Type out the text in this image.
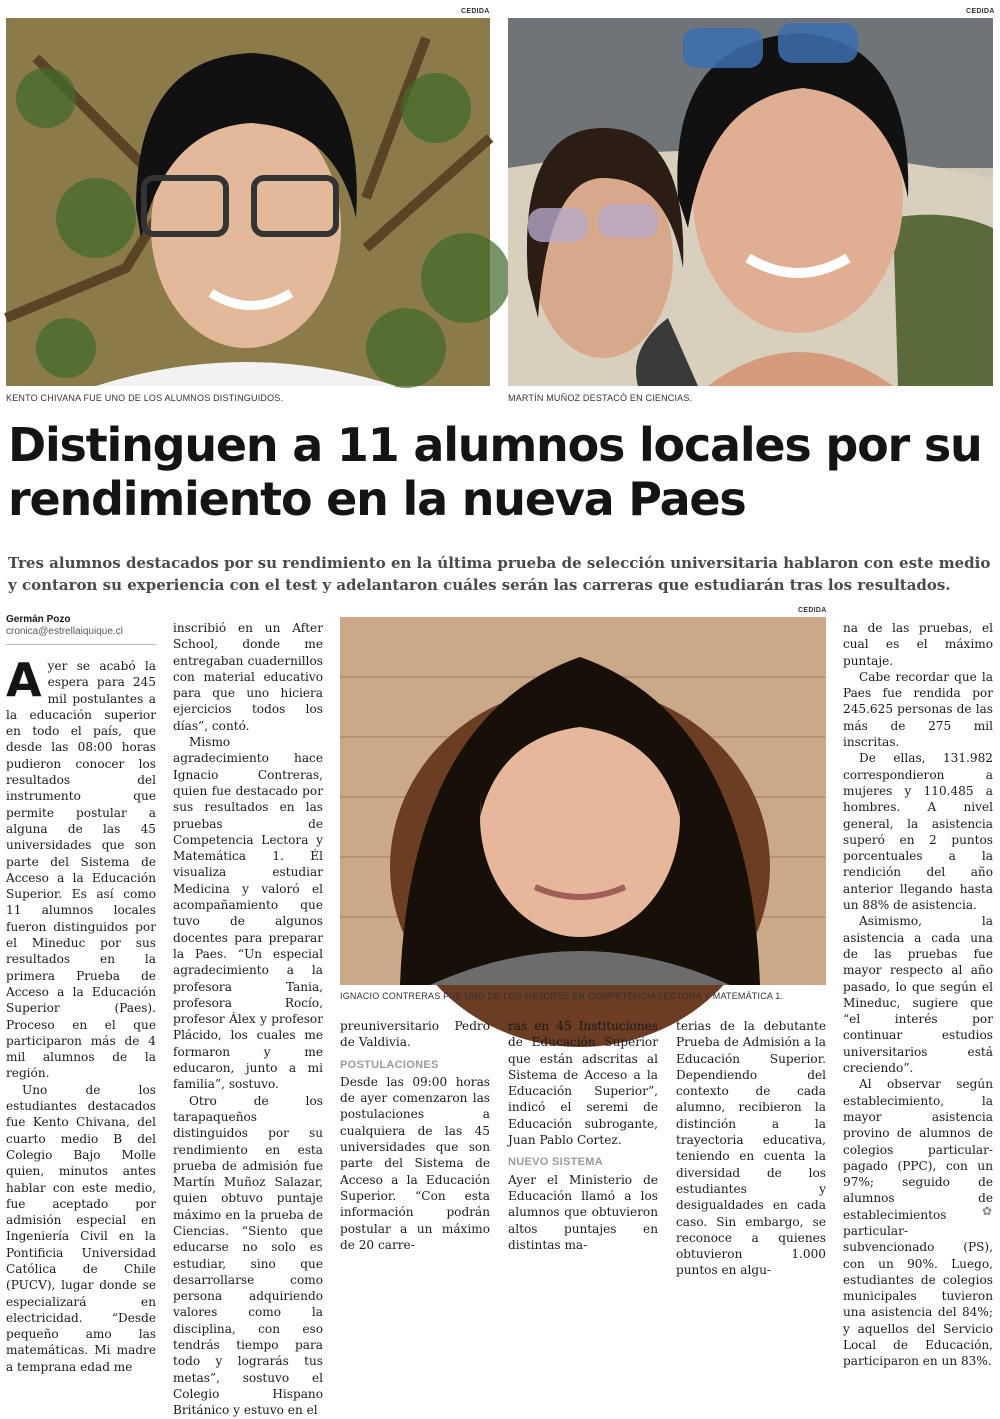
CEDIDA
KENTO CHIVANA FUE UNO DE LOS ALUMNOS DISTINGUIDOS.
CEDIDA
MARTÍN MUÑOZ DESTACÓ EN CIENCIAS.
Distinguen a 11 alumnos locales por su rendimiento en la nueva Paes

Tres alumnos destacados por su rendimiento en la última prueba de selección universitaria hablaron con este medio y contaron su experiencia con el test y adelantaron cuáles serán las carreras que estudiarán tras los resultados.

Germán Pozo
cronica@estrellaiquique.cl

Ayer se acabó la espera para 245 mil postulantes a la educación superior en todo el país, que desde las 08:00 horas pudieron conocer los resultados del instrumento que permite postular a alguna de las 45 universidades que son parte del Sistema de Acceso a la Educación Superior. Es así como 11 alumnos locales fueron distinguidos por el Mineduc por sus resultados en la primera Prueba de Acceso a la Educación Superior (Paes). Proceso en el que participaron más de 4 mil alumnos de la región.

Uno de los estudiantes destacados fue Kento Chivana, del cuarto medio B del Colegio Bajo Molle quien, minutos antes hablar con este medio, fue aceptado por admisión especial en Ingeniería Civil en la Pontificia Universidad Católica de Chile (PUCV), lugar donde se especializará en electricidad. “Desde pequeño amo las matemáticas. Mi madre a temprana edad me

inscribió en un After School, donde me entregaban cuadernillos con material educativo para que uno hiciera ejercicios todos los días”, contó.

Mismo agradecimiento hace Ignacio Contreras, quien fue destacado por sus resultados en las pruebas de Competencia Lectora y Matemática 1. Él visualiza estudiar Medicina y valoró el acompañamiento que tuvo de algunos docentes para preparar la Paes. “Un especial agradecimiento a la profesora Tania, profesora Rocío, profesor Álex y profesor Plácido, los cuales me formaron y me educaron, junto a mi familia”, sostuvo.

Otro de los tarapaqueños distinguidos por su rendimiento en esta prueba de admisión fue Martín Muñoz Salazar, quien obtuvo puntaje máximo en la prueba de Ciencias. “Siento que educarse no solo es estudiar, sino que desarrollarse como persona adquiriendo valores como la disciplina, con eso tendrás tiempo para todo y lograrás tus metas”, sostuvo el Colegio Hispano Británico y estuvo en el

CEDIDA
IGNACIO CONTRERAS FUE UNO DE LOS MEJORES EN COMPETENCIA LECTORA Y MATEMÁTICA 1.

preuniversitario Pedro de Valdivia.

POSTULACIONES

Desde las 09:00 horas de ayer comenzaron las postulaciones a cualquiera de las 45 universidades que son parte del Sistema de Acceso a la Educación Superior. “Con esta información podrán postular a un máximo de 20 carre-

ras en 45 Instituciones de Educación Superior que están adscritas al Sistema de Acceso a la Educación Superior”, indicó el seremi de Educación subrogante, Juan Pablo Cortez.

NUEVO SISTEMA

Ayer el Ministerio de Educación llamó a los alumnos que obtuvieron altos puntajes en distintas ma-

terias de la debutante Prueba de Admisión a la Educación Superior. Dependiendo del contexto de cada alumno, recibieron la distinción a la trayectoria educativa, teniendo en cuenta la diversidad de los estudiantes y desigualdades en cada caso. Sin embargo, se reconoce a quienes obtuvieron 1.000 puntos en algu-

na de las pruebas, el cual es el máximo puntaje.

Cabe recordar que la Paes fue rendida por 245.625 personas de las más de 275 mil inscritas.

De ellas, 131.982 correspondieron a mujeres y 110.485 a hombres. A nivel general, la asistencia superó en 2 puntos porcentuales a la rendición del año anterior llegando hasta un 88% de asistencia.

Asimismo, la asistencia a cada una de las pruebas fue mayor respecto al año pasado, lo que según el Mineduc, sugiere que “el interés por continuar estudios universitarios está creciendo”.

Al observar según establecimiento, la mayor asistencia provino de alumnos de colegios particular-pagado (PPC), con un 97%; seguido de alumnos de establecimientos particular-subvencionado (PS), con un 90%. Luego, estudiantes de colegios municipales tuvieron una asistencia del 84%; y aquellos del Servicio Local de Educación, participaron en un 83%.

✿
